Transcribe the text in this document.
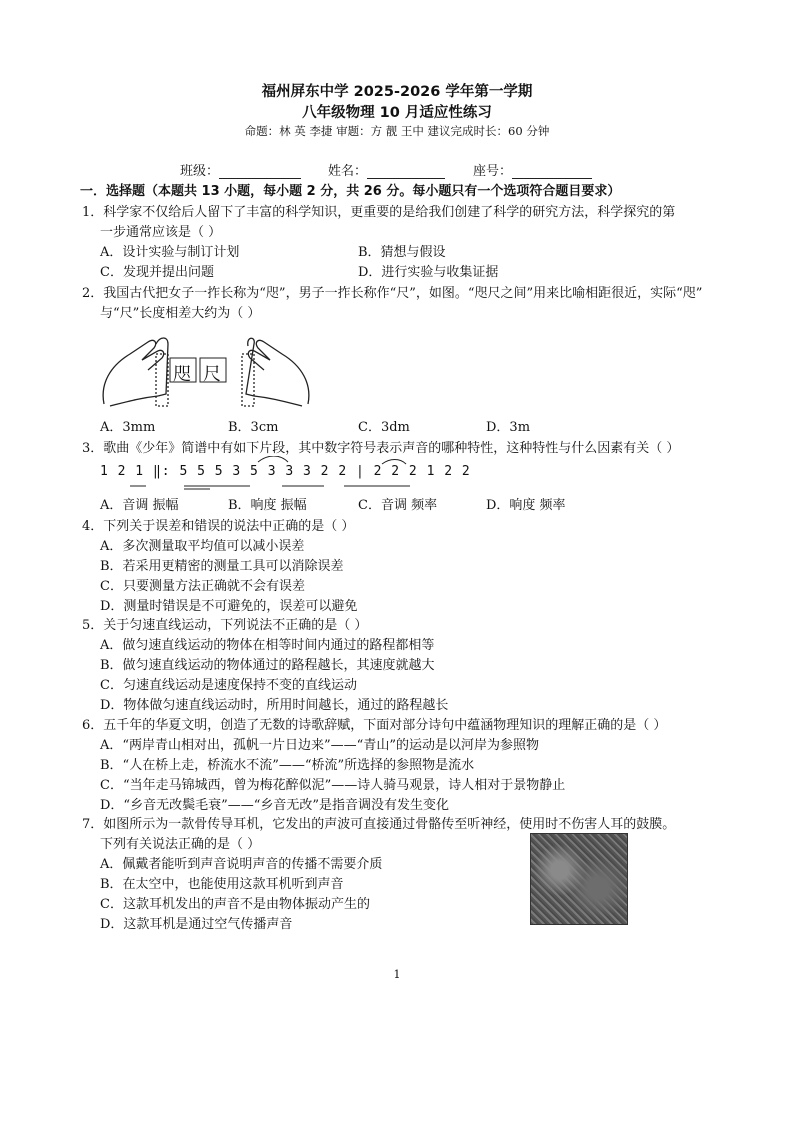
福州屏东中学 2025-2026 学年第一学期
八年级物理 10 月适应性练习
命题：林 英 李捷 审题：方 靓 王中 建议完成时长：60 分钟
班级：	姓名：	座号：
一．选择题（本题共 13 小题，每小题 2 分，共 26 分。每小题只有一个选项符合题目要求）
1．科学家不仅给后人留下了丰富的科学知识，更重要的是给我们创建了科学的研究方法，科学探究的第
一步通常应该是（ ）
A．设计实验与制订计划	B．猜想与假设
C．发现并提出问题	D．进行实验与收集证据
2．我国古代把女子一拃长称为“咫”，男子一拃长称作“尺”，如图。“咫尺之间”用来比喻相距很近，实际“咫”
与“尺”长度相差大约为（ ）
咫 尺
A．3mm	B．3cm	C．3dm	D．3m
3．歌曲《少年》简谱中有如下片段，其中数字符号表示声音的哪种特性，这种特性与什么因素有关（ ）
1 2 1 ‖: 5 5 5 3 5 3 3 3 2 2 | 2 2 2 1 2 2
A．音调 振幅	B．响度 振幅	C．音调 频率	D．响度 频率
4．下列关于误差和错误的说法中正确的是（ ）
A．多次测量取平均值可以减小误差
B．若采用更精密的测量工具可以消除误差
C．只要测量方法正确就不会有误差
D．测量时错误是不可避免的，误差可以避免
5．关于匀速直线运动，下列说法不正确的是（ ）
A．做匀速直线运动的物体在相等时间内通过的路程都相等
B．做匀速直线运动的物体通过的路程越长，其速度就越大
C．匀速直线运动是速度保持不变的直线运动
D．物体做匀速直线运动时，所用时间越长，通过的路程越长
6．五千年的华夏文明，创造了无数的诗歌辞赋，下面对部分诗句中蕴涵物理知识的理解正确的是（ ）
A．“两岸青山相对出，孤帆一片日边来”——“青山”的运动是以河岸为参照物
B．“人在桥上走，桥流水不流”——“桥流”所选择的参照物是流水
C．“当年走马锦城西，曾为梅花醉似泥”——诗人骑马观景，诗人相对于景物静止
D．“乡音无改鬓毛衰”——“乡音无改”是指音调没有发生变化
7．如图所示为一款骨传导耳机，它发出的声波可直接通过骨骼传至听神经，使用时不伤害人耳的鼓膜。
下列有关说法正确的是（ ）
A．佩戴者能听到声音说明声音的传播不需要介质
B．在太空中，也能使用这款耳机听到声音
C．这款耳机发出的声音不是由物体振动产生的
D．这款耳机是通过空气传播声音
1
